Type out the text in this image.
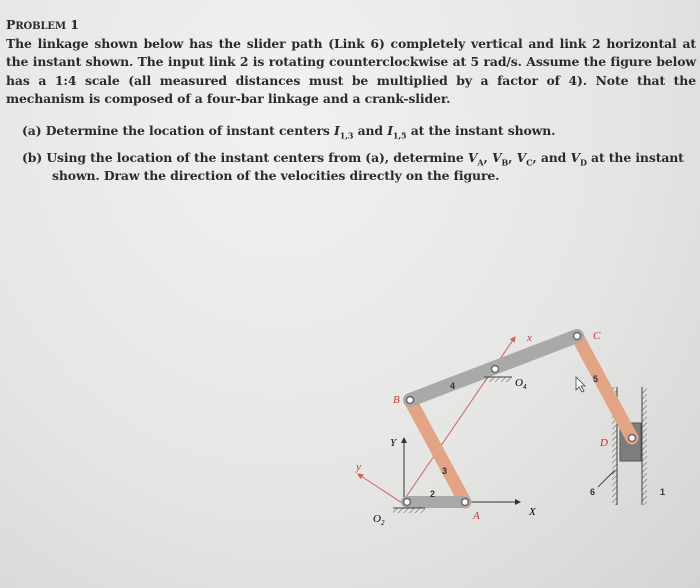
PROBLEM 1
The linkage shown below has the slider path (Link 6) completely vertical and link 2 horizontal at the instant shown. The input link 2 is rotating counterclockwise at 5 rad/s. Assume the figure below has a 1:4 scale (all measured distances must be multiplied by a factor of 4). Note that the mechanism is composed of a four-bar linkage and a crank-slider.
(a) Determine the location of instant centers $I_{1,3}$ and $I_{1,5}$ at the instant shown.
(b) Using the location of the instant centers from (a), determine $V_A$, $V_B$, $V_C$, and $V_D$ at the instant shown. Draw the direction of the velocities directly on the figure.
B
C
D
A
x
y
Y
X
$O_2$
$O_4$
2
3
4
5
6	1
